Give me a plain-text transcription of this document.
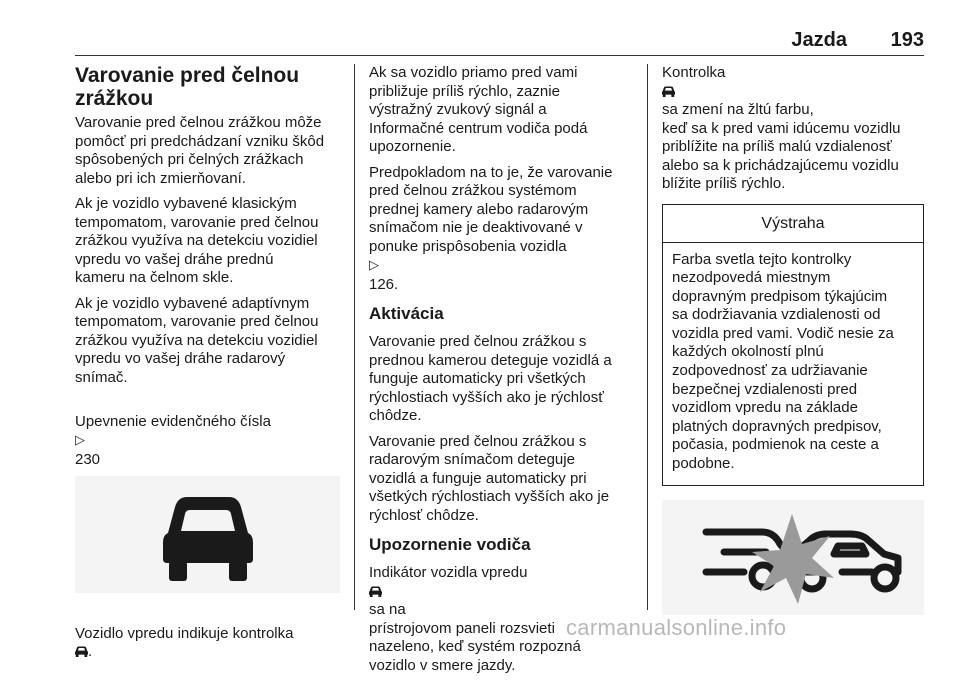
Jazda 193
Varovanie pred čelnou
zrážkou

Varovanie pred čelnou zrážkou môže
pomôcť pri predchádzaní vzniku škôd
spôsobených pri čelných zrážkach
alebo pri ich zmierňovaní.

Ak je vozidlo vybavené klasickým
tempomatom, varovanie pred čelnou
zrážkou využíva na detekciu vozidiel
vpredu vo vašej dráhe prednú
kameru na čelnom skle.

Ak je vozidlo vybavené adaptívnym
tempomatom, varovanie pred čelnou
zrážkou využíva na detekciu vozidiel
vpredu vo vašej dráhe radarový
snímač.

Upevnenie evidenčného čísla
▷
230

Vozidlo vpredu indikuje kontrolka
.

Ak sa vozidlo priamo pred vami
približuje príliš rýchlo, zaznie
výstražný zvukový signál a
Informačné centrum vodiča podá
upozornenie.

Predpokladom na to je, že varovanie
pred čelnou zrážkou systémom
prednej kamery alebo radarovým
snímačom nie je deaktivované v
ponuke prispôsobenia vozidla
▷
126.

Aktivácia

Varovanie pred čelnou zrážkou s
prednou kamerou deteguje vozidlá a
funguje automaticky pri všetkých
rýchlostiach vyšších ako je rýchlosť
chôdze.

Varovanie pred čelnou zrážkou s
radarovým snímačom deteguje
vozidlá a funguje automaticky pri
všetkých rýchlostiach vyšších ako je
rýchlosť chôdze.

Upozornenie vodiča

Indikátor vozidla vpredu

sa na
prístrojovom paneli rozsvieti
nazeleno, keď systém rozpozná
vozidlo v smere jazdy.

Kontrolka

sa zmení na žltú farbu,
keď sa k pred vami idúcemu vozidlu
priblížite na príliš malú vzdialenosť
alebo sa k prichádzajúcemu vozidlu
blížite príliš rýchlo.

Výstraha
Farba svetla tejto kontrolky
nezodpovedá miestnym
dopravným predpisom týkajúcim
sa dodržiavania vzdialenosti od
vozidla pred vami. Vodič nesie za
každých okolností plnú
zodpovednosť za udržiavanie
bezpečnej vzdialenosti pred
vozidlom vpredu na základe
platných dopravných predpisov,
počasia, podmienok na ceste a
podobne.
carmanualsonline.info
